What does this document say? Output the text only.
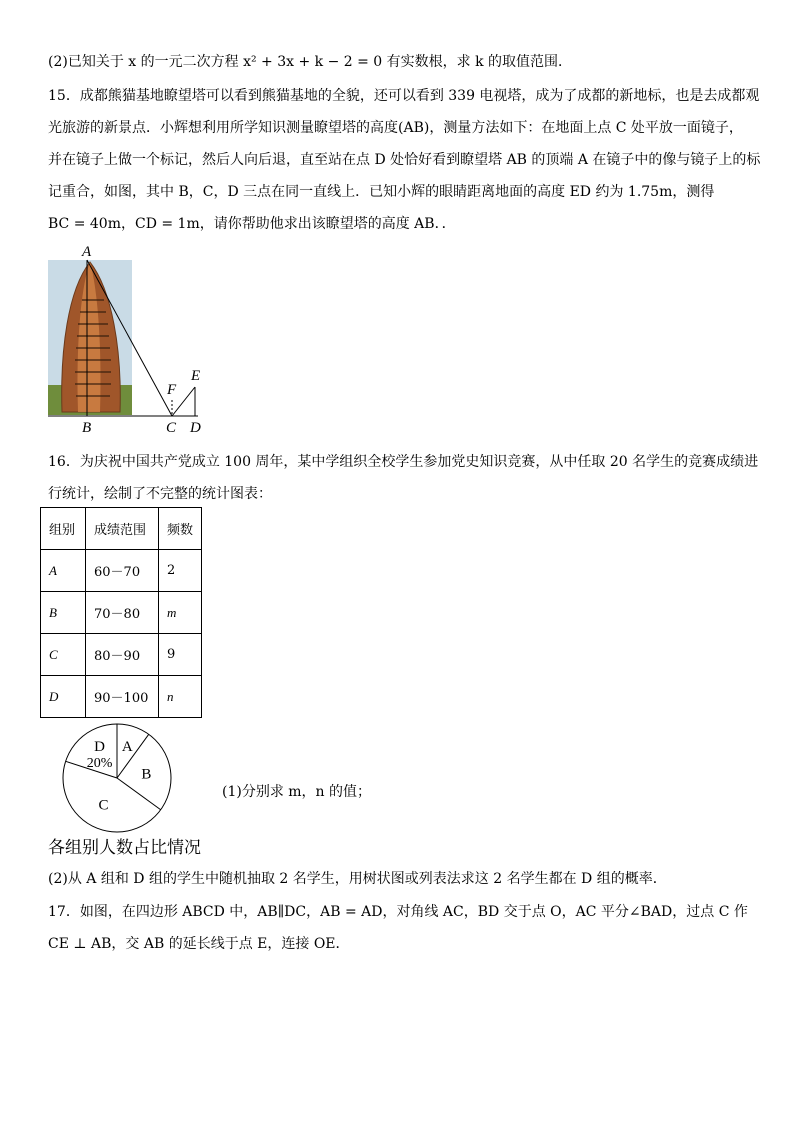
(2)已知关于 x 的一元二次方程 x² + 3x + k − 2 = 0 有实数根，求 k 的取值范围．
15．成都熊猫基地瞭望塔可以看到熊猫基地的全貌，还可以看到 339 电视塔，成为了成都的新地标，也是去成都观
光旅游的新景点．小辉想利用所学知识测量瞭望塔的高度(AB)，测量方法如下：在地面上点 C 处平放一面镜子，
并在镜子上做一个标记，然后人向后退，直至站在点 D 处恰好看到瞭望塔 AB 的顶端 A 在镜子中的像与镜子上的标
记重合，如图，其中 B，C，D 三点在同一直线上．已知小辉的眼睛距离地面的高度 ED 约为 1.75m，测得
BC = 40m，CD = 1m，请你帮助他求出该瞭望塔的高度 AB．．
A
B	C D
E
F
16．为庆祝中国共产党成立 100 周年，某中学组织全校学生参加党史知识竞赛，从中任取 20 名学生的竞赛成绩进
行统计，绘制了不完整的统计图表：
组别	成绩范围	频数
A	60－70	2
B	70－80	m
C	80－90	9
D	90－100	n
A
B
C
D
20%
(1)分别求 m，n 的值；
各组别人数占比情况
(2)从 A 组和 D 组的学生中随机抽取 2 名学生，用树状图或列表法求这 2 名学生都在 D 组的概率．
17．如图，在四边形 ABCD 中，AB∥DC，AB = AD，对角线 AC，BD 交于点 O，AC 平分∠BAD，过点 C 作
CE ⊥ AB，交 AB 的延长线于点 E，连接 OE．
